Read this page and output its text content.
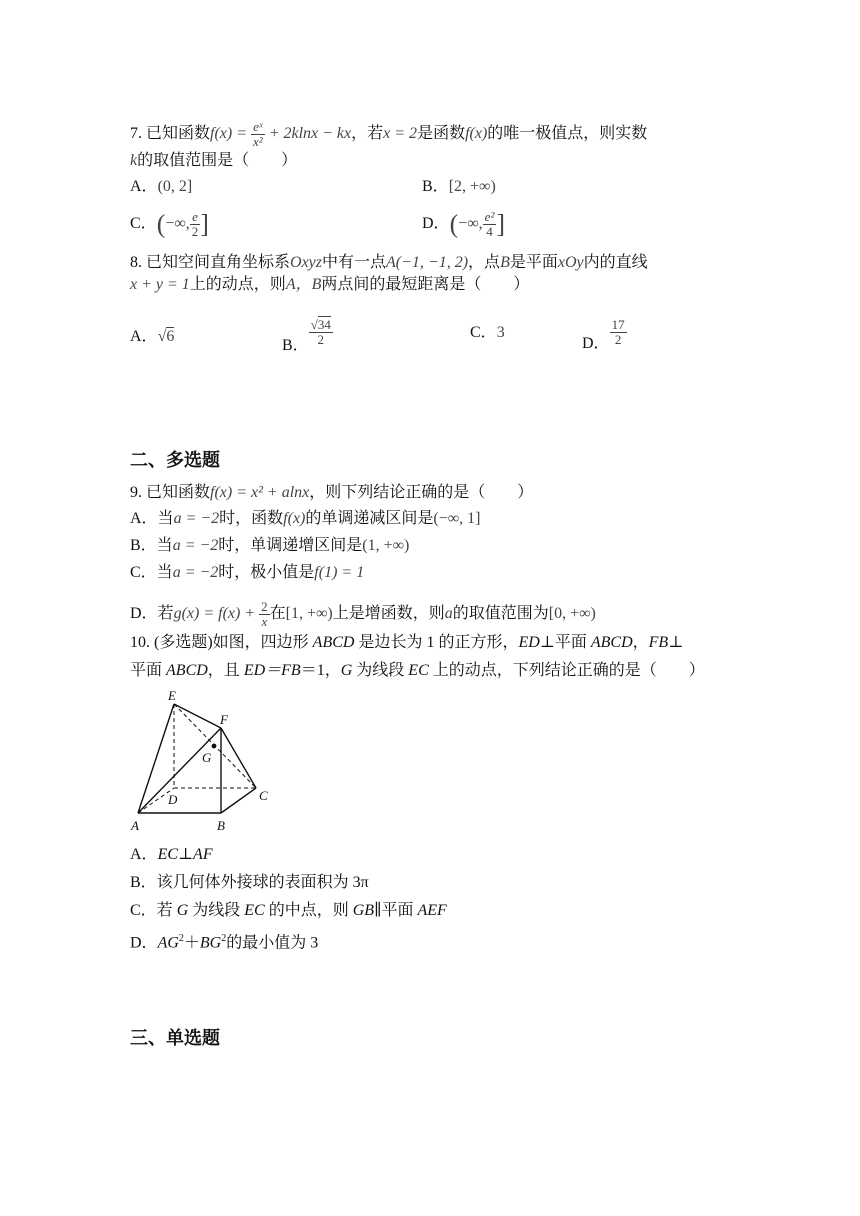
7. 已知函数$f(x) = \frac{\text{eˣ}}{\text{x²}} + 2klnx$ − kx，若x = 2是函数f(x)的唯一极值点，则实数
k的取值范围是（　　）
A．(0, 2]	B．[2, +∞)
C．(−∞, $\frac{e}{2}$ ]	D．(−∞, $\frac{\text{e²}}{4}$ ]
8. 已知空间直角坐标系Oxyz中有一点A(−1, −1, 2)，点B是平面xOy内的直线
x + y = 1上的动点，则A，B两点间的最短距离是（　　）
A．√6
B． $\frac{√34}{2}$	C．3
D． $\frac{17}{2}$
二、多选题
9. 已知函数f(x) = x² + alnx，则下列结论正确的是（　　）
A．当a = −2时，函数f(x)的单调递减区间是(−∞, 1]
B．当a = −2时，单调递增区间是(1, +∞)
C．当a = −2时，极小值是f(1) = 1
D．若$g(x) = f(x) + \frac{2}{x}$ 在[1, +∞)上是增函数，则a的取值范围为[0, +∞)
10. (多选题)如图，四边形 ABCD 是边长为 1 的正方形，ED⊥平面 ABCD，FB⊥
平面 ABCD，且 ED＝FB＝1，G 为线段 EC 上的动点，下列结论正确的是（　　）
E
F
G
D	C
A	B
A．EC⊥AF
B．该几何体外接球的表面积为 3π
C．若 G 为线段 EC 的中点，则 GB∥平面 AEF
D．$AG^2+BG^2$的最小值为 3
三、单选题
